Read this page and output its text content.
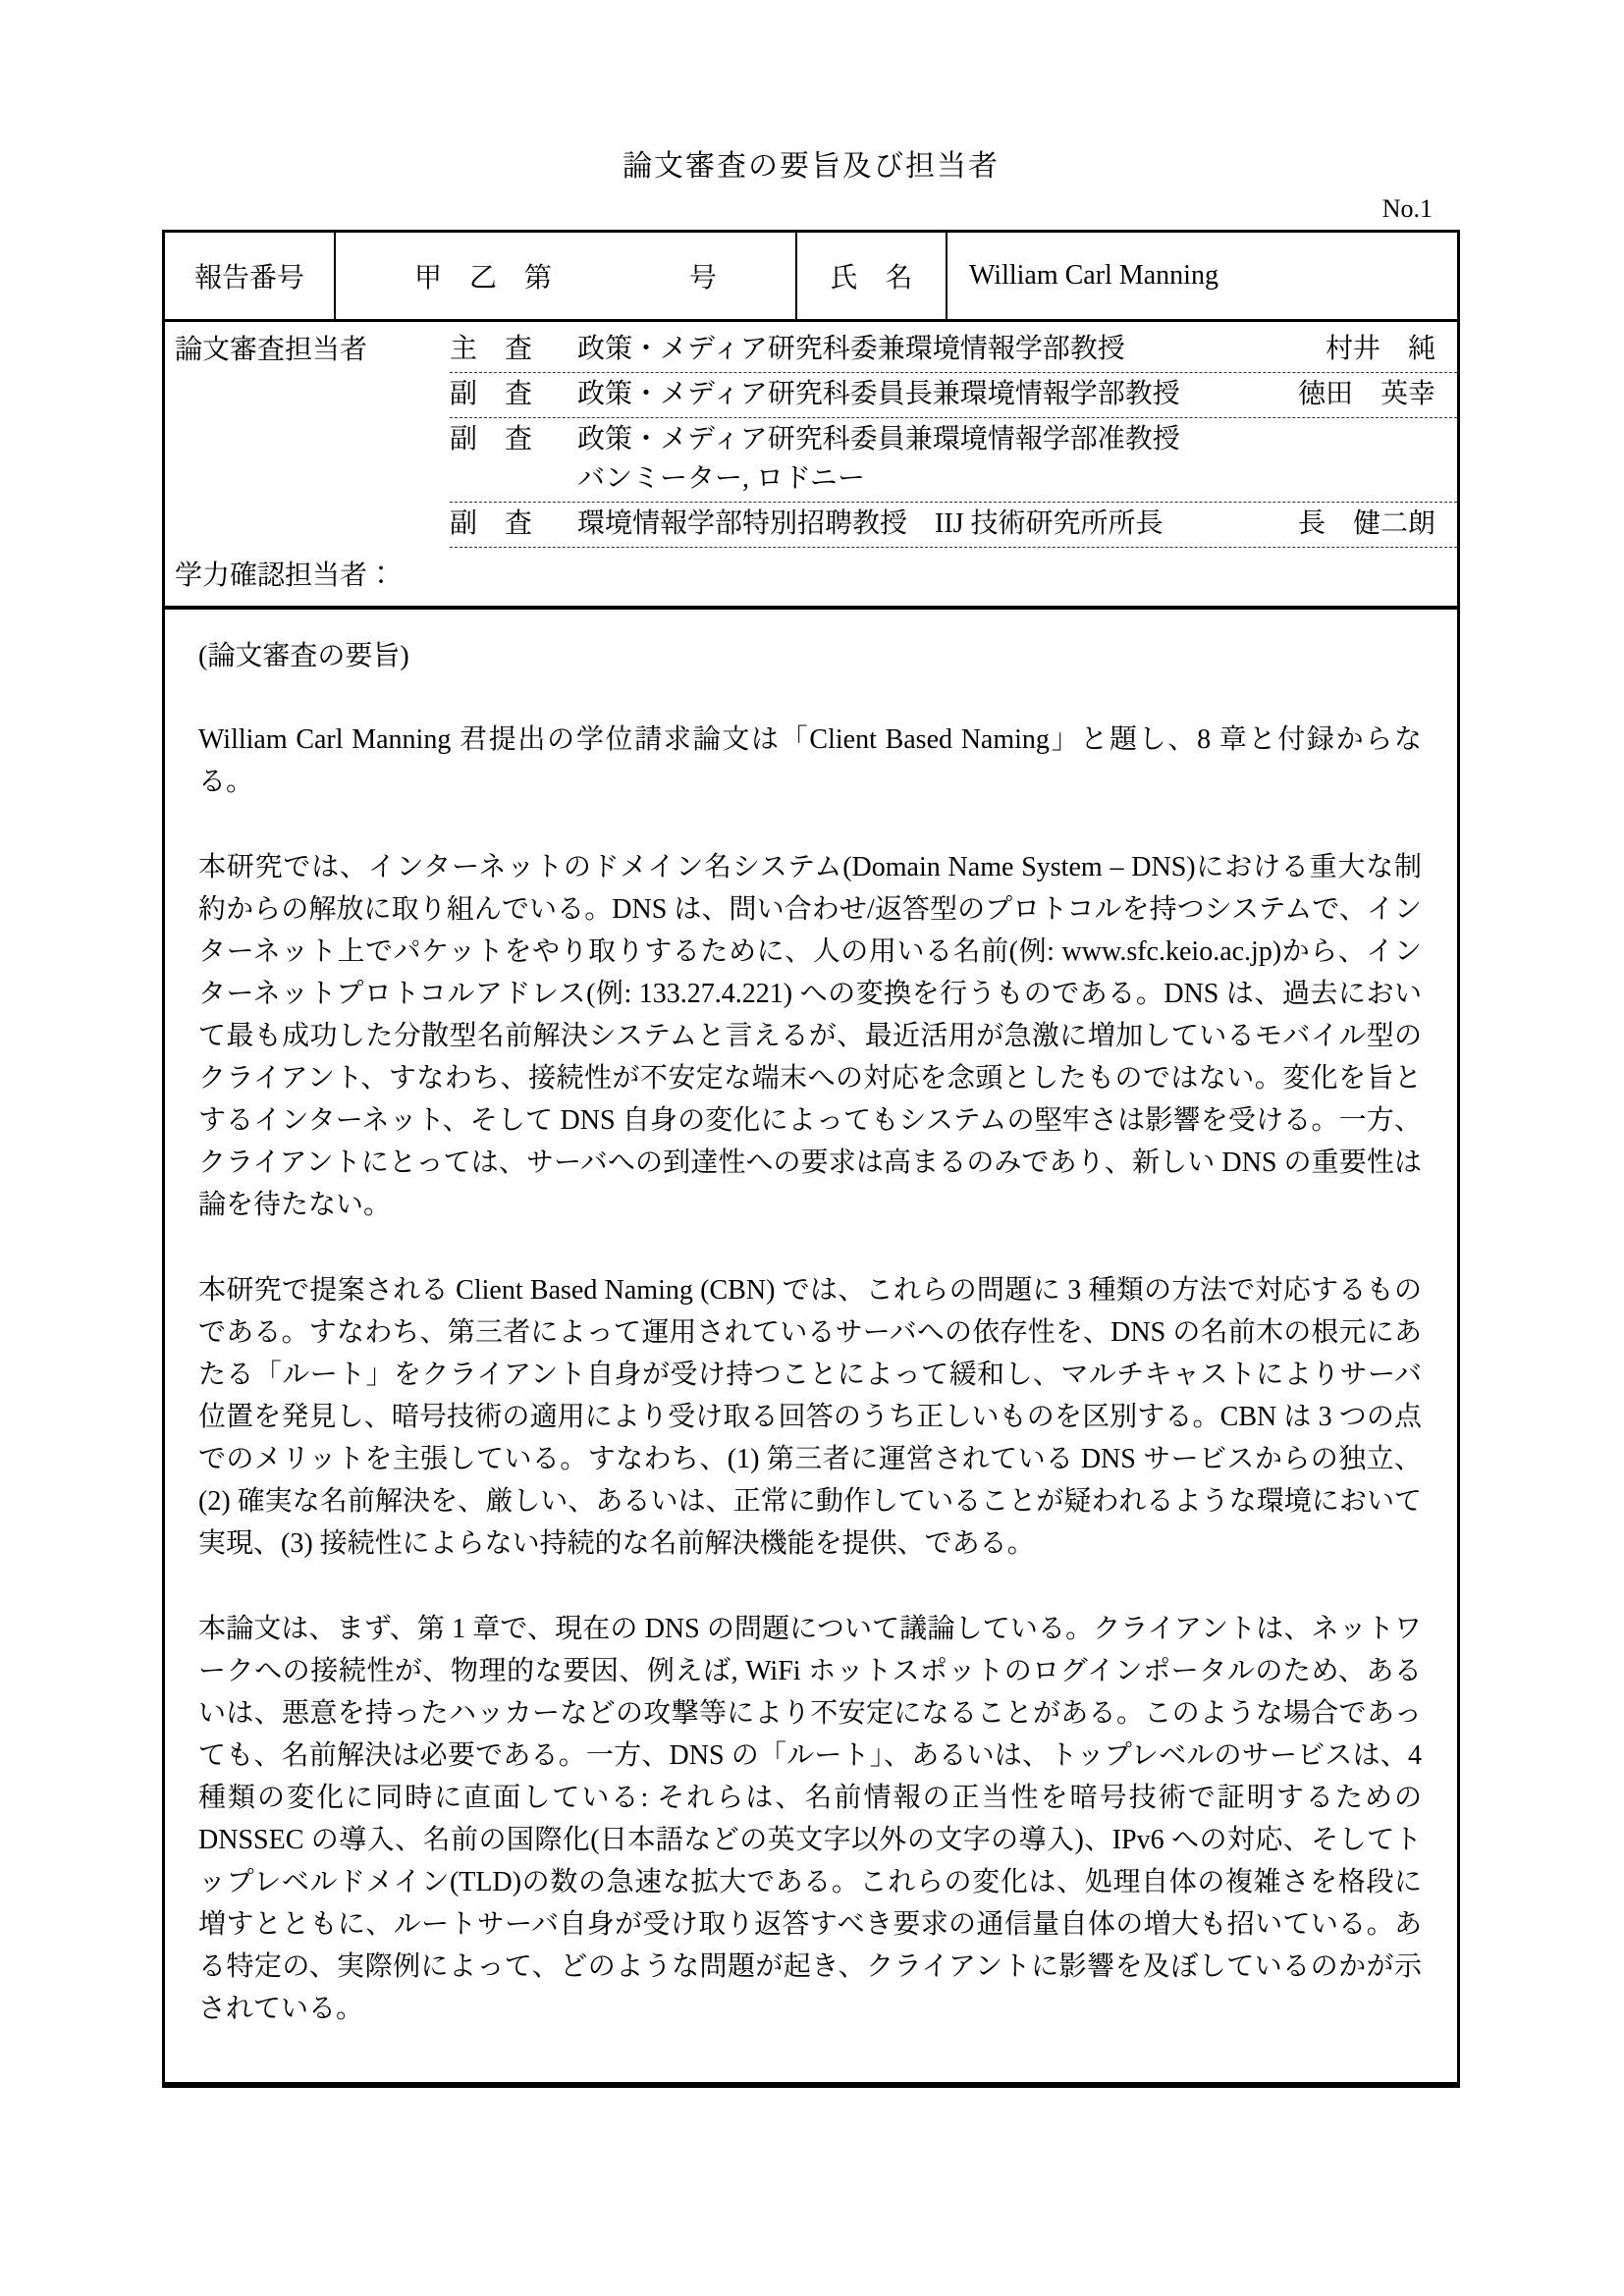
論文審査の要旨及び担当者
No.1
報告番号	甲　乙　第　　　　　号	氏　名	William Carl Manning
論文審査担当者	主　査	政策・メディア研究科委兼環境情報学部教授	村井　純
副　査	政策・メディア研究科委員長兼環境情報学部教授	徳田　英幸
副　査	政策・メディア研究科委員兼環境情報学部准教授
バンミーター, ロドニー
副　査	環境情報学部特別招聘教授　IIJ 技術研究所所長	長　健二朗
学力確認担当者：
(論文審査の要旨)

William Carl Manning 君提出の学位請求論文は「Client Based Naming」と題し、8 章と付録からなる。

本研究では、インターネットのドメイン名システム(Domain Name System – DNS)における重大な制約からの解放に取り組んでいる。DNS は、問い合わせ/返答型のプロトコルを持つシステムで、インターネット上でパケットをやり取りするために、人の用いる名前(例: www.sfc.keio.ac.jp)から、インターネットプロトコルアドレス(例: 133.27.4.221) への変換を行うものである。DNS は、過去において最も成功した分散型名前解決システムと言えるが、最近活用が急激に増加しているモバイル型のクライアント、すなわち、接続性が不安定な端末への対応を念頭としたものではない。変化を旨とするインターネット、そして DNS 自身の変化によってもシステムの堅牢さは影響を受ける。一方、クライアントにとっては、サーバへの到達性への要求は高まるのみであり、新しい DNS の重要性は論を待たない。

本研究で提案される Client Based Naming (CBN) では、これらの問題に 3 種類の方法で対応するものである。すなわち、第三者によって運用されているサーバへの依存性を、DNS の名前木の根元にあたる「ルート」をクライアント自身が受け持つことによって緩和し、マルチキャストによりサーバ位置を発見し、暗号技術の適用により受け取る回答のうち正しいものを区別する。CBN は 3 つの点でのメリットを主張している。すなわち、(1) 第三者に運営されている DNS サービスからの独立、(2) 確実な名前解決を、厳しい、あるいは、正常に動作していることが疑われるような環境において実現、(3) 接続性によらない持続的な名前解決機能を提供、である。

本論文は、まず、第 1 章で、現在の DNS の問題について議論している。クライアントは、ネットワークへの接続性が、物理的な要因、例えば, WiFi ホットスポットのログインポータルのため、あるいは、悪意を持ったハッカーなどの攻撃等により不安定になることがある。このような場合であっても、名前解決は必要である。一方、DNS の「ルート」、あるいは、トップレベルのサービスは、4 種類の変化に同時に直面している: それらは、名前情報の正当性を暗号技術で証明するための DNSSEC の導入、名前の国際化(日本語などの英文字以外の文字の導入)、IPv6 への対応、そしてトップレベルドメイン(TLD)の数の急速な拡大である。これらの変化は、処理自体の複雑さを格段に増すとともに、ルートサーバ自身が受け取り返答すべき要求の通信量自体の増大も招いている。ある特定の、実際例によって、どのような問題が起き、クライアントに影響を及ぼしているのかが示されている。
